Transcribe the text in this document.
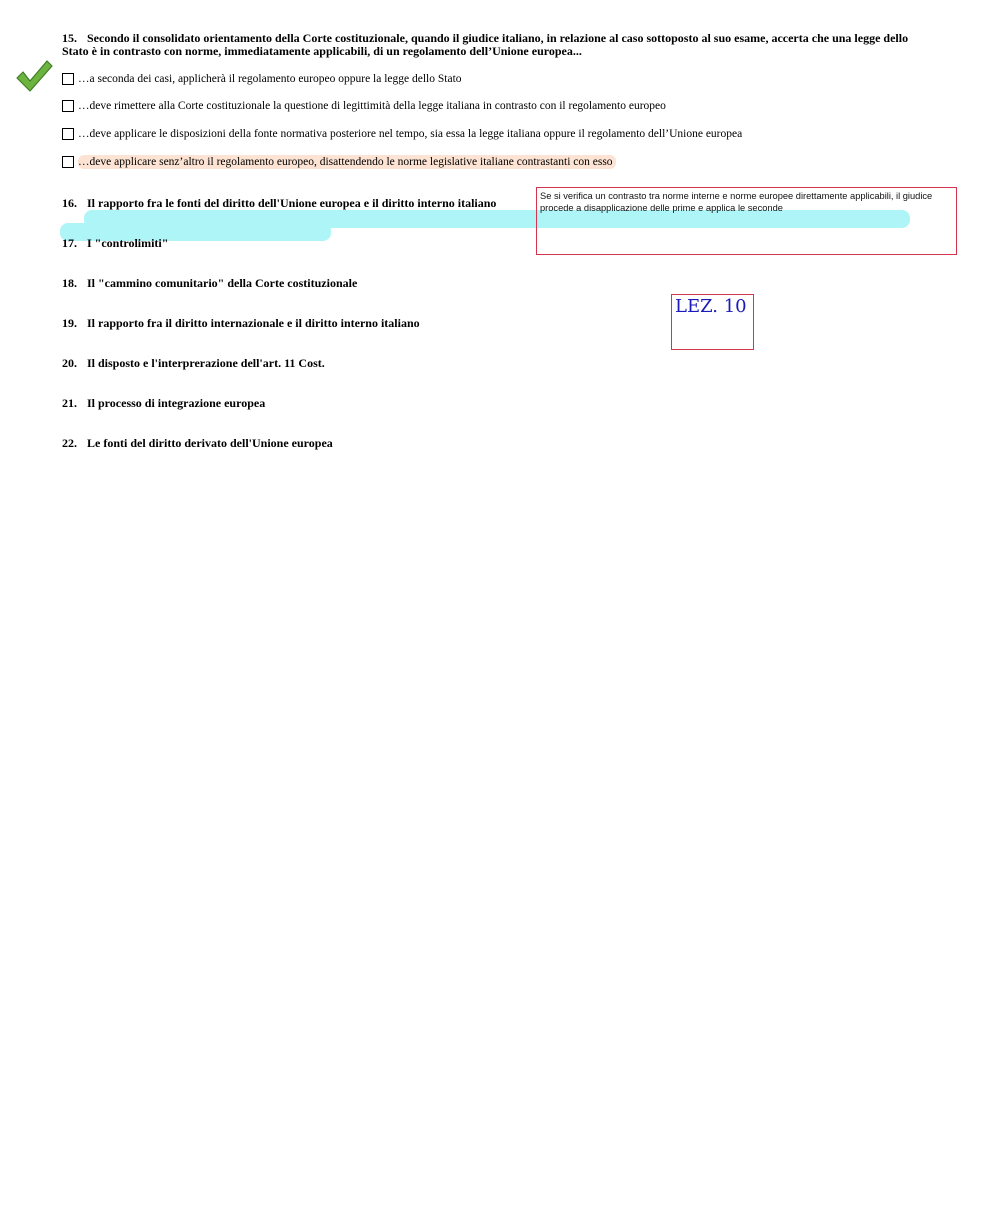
15. Secondo il consolidato orientamento della Corte costituzionale, quando il giudice italiano, in relazione al caso sottoposto al suo esame, accerta che una legge dello Stato è in contrasto con norme, immediatamente applicabili, di un regolamento dell’Unione europea...
…a seconda dei casi, applicherà il regolamento europeo oppure la legge dello Stato
…deve rimettere alla Corte costituzionale la questione di legittimità della legge italiana in contrasto con il regolamento europeo
…deve applicare le disposizioni della fonte normativa posteriore nel tempo, sia essa la legge italiana oppure il regolamento dell’Unione europea
…deve applicare senz’altro il regolamento europeo, disattendendo le norme legislative italiane contrastanti con esso
16. Il rapporto fra le fonti del diritto dell'Unione europea e il diritto interno italiano
17. I "controlimiti"
18. Il "cammino comunitario" della Corte costituzionale
19. Il rapporto fra il diritto internazionale e il diritto interno italiano
20. Il disposto e l'interprerazione dell'art. 11 Cost.
21. Il processo di integrazione europea
22. Le fonti del diritto derivato dell'Unione europea
Se si verifica un contrasto tra norme interne e norme europee direttamente applicabili, il giudice procede a disapplicazione delle prime e applica le seconde
LEZ. 10
